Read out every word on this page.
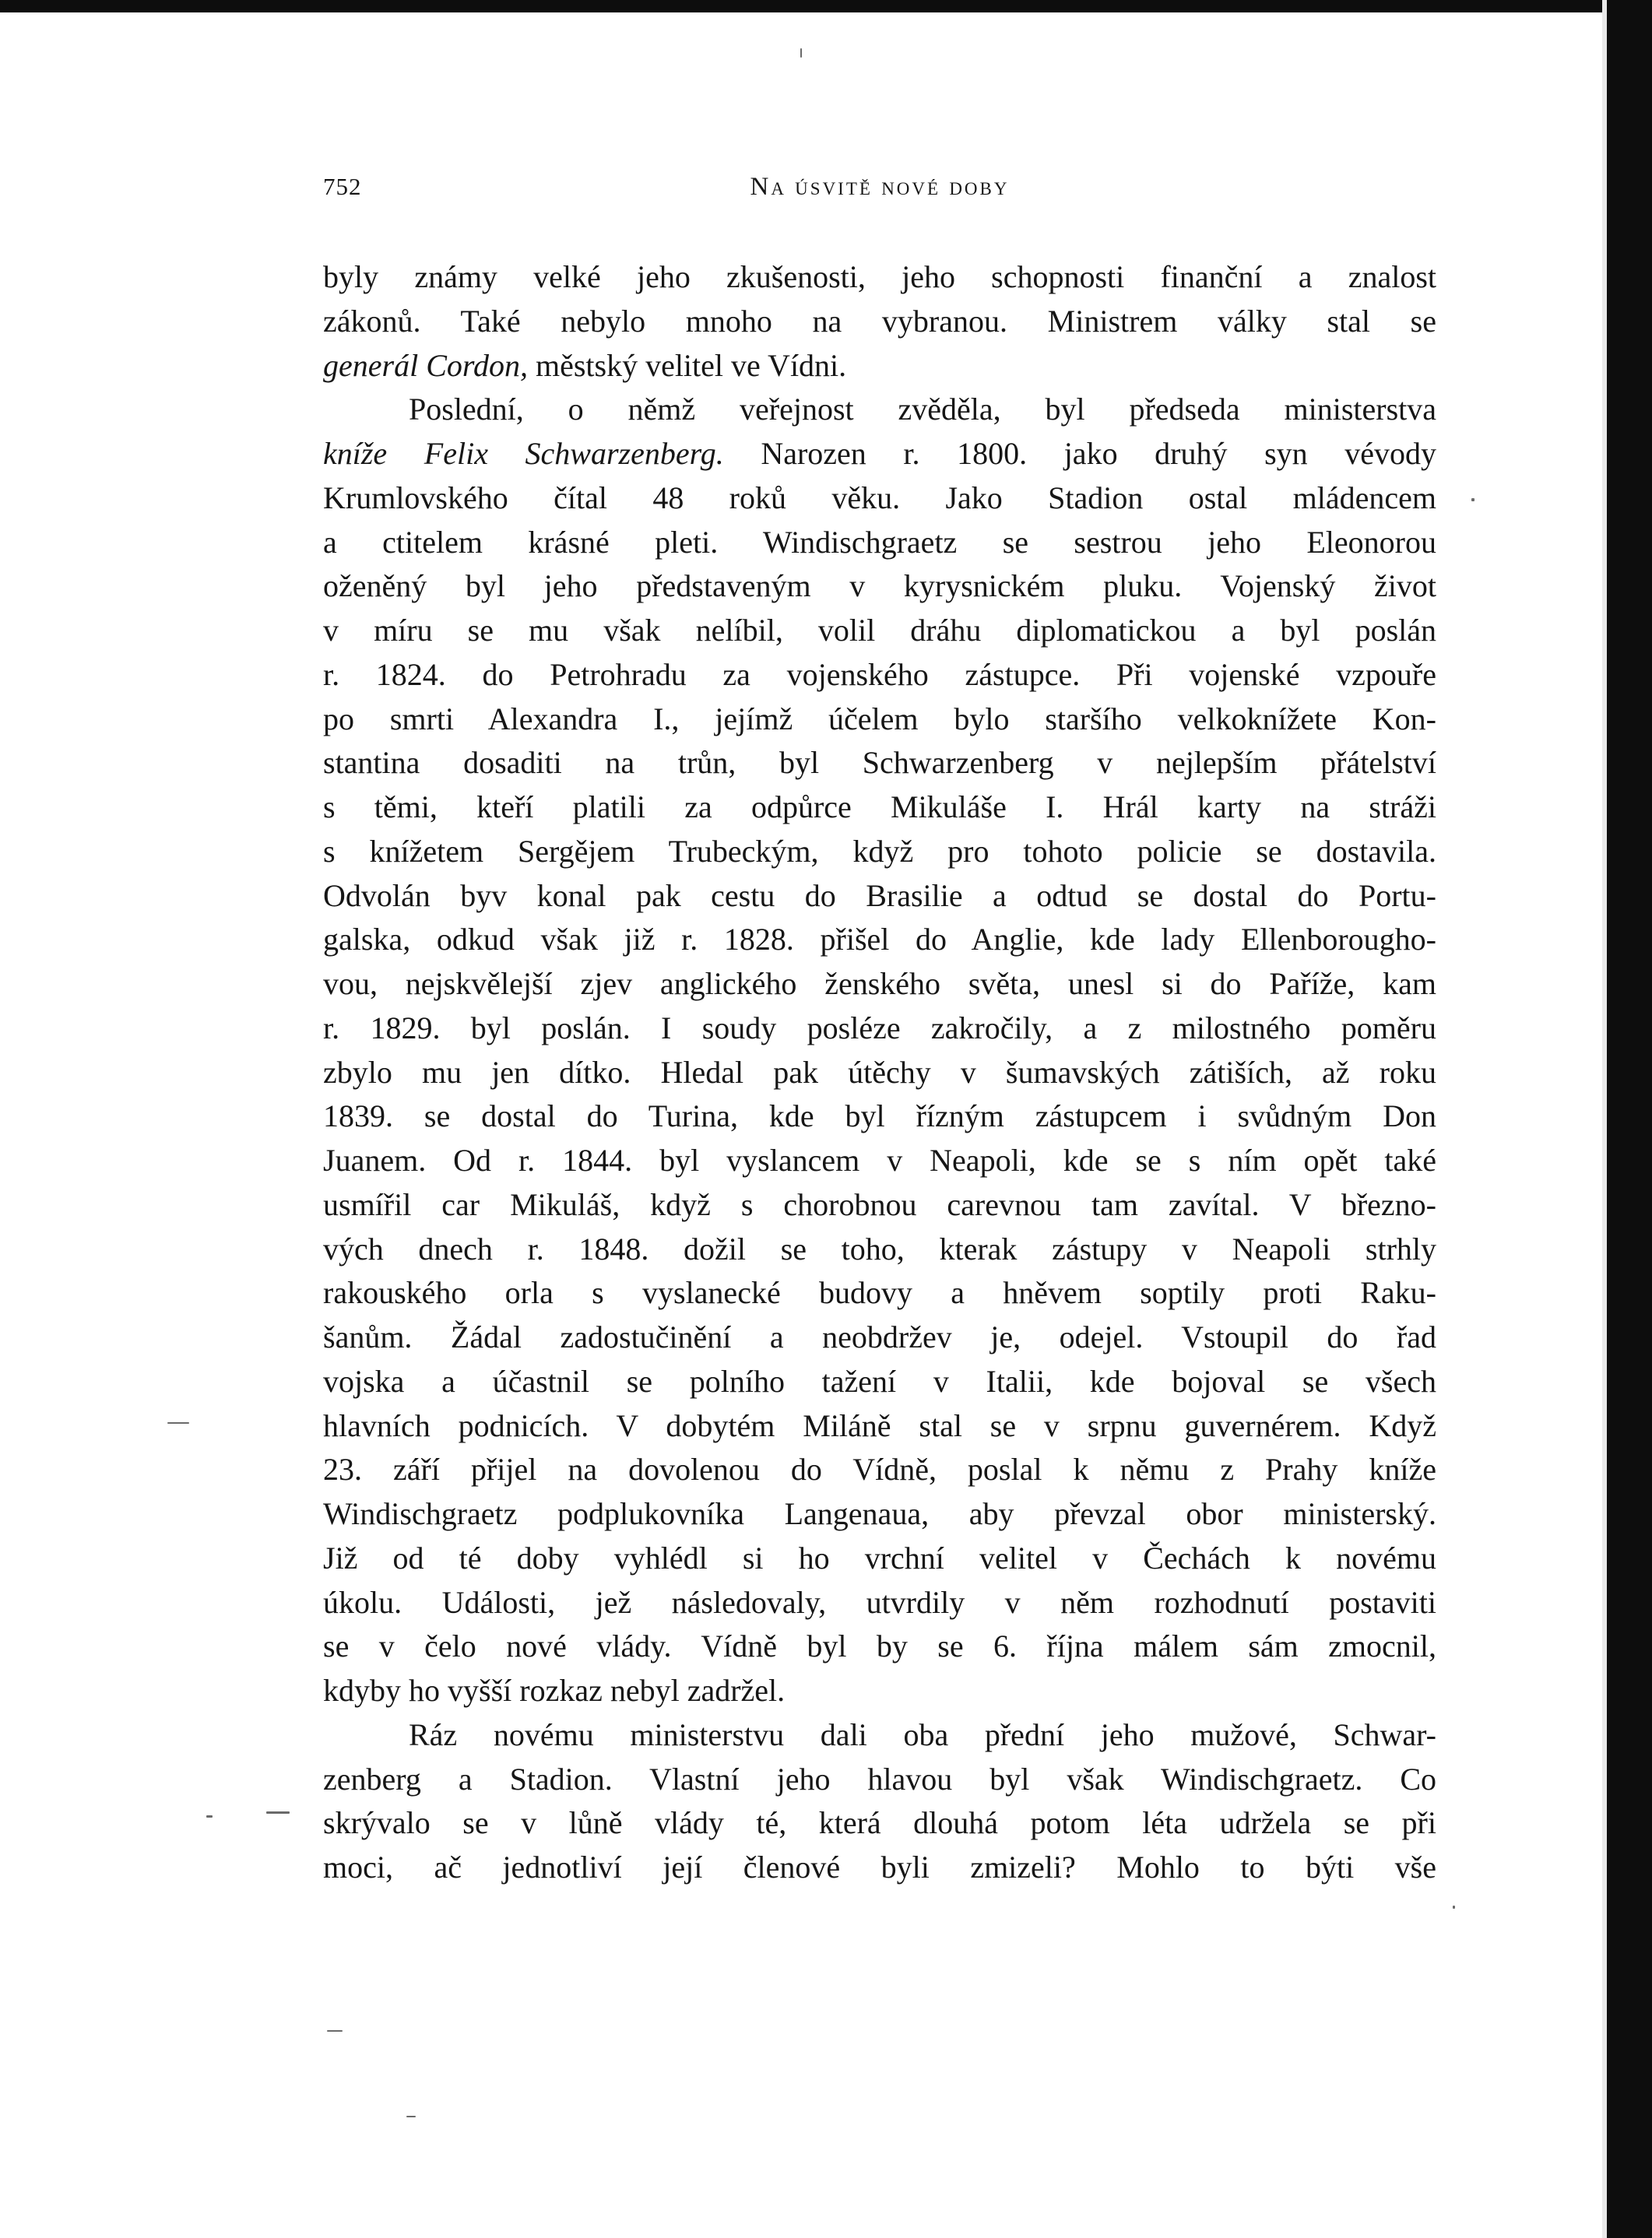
752	Na úsvitě nové doby
byly známy velké jeho zkušenosti, jeho schopnosti finanční a znalost
zákonů. Také nebylo mnoho na vybranou. Ministrem války stal se
generál Cordon, městský velitel ve Vídni.
Poslední, o němž veřejnost zvěděla, byl předseda ministerstva
kníže Felix Schwarzenberg. Narozen r. 1800. jako druhý syn vévody
Krumlovského čítal 48 roků věku. Jako Stadion ostal mládencem
a ctitelem krásné pleti. Windischgraetz se sestrou jeho Eleonorou
oženěný byl jeho představeným v kyrysnickém pluku. Vojenský život
v míru se mu však nelíbil, volil dráhu diplomatickou a byl poslán
r. 1824. do Petrohradu za vojenského zástupce. Při vojenské vzpouře
po smrti Alexandra I., jejímž účelem bylo staršího velkoknížete Kon-
stantina dosaditi na trůn, byl Schwarzenberg v nejlepším přátelství
s těmi, kteří platili za odpůrce Mikuláše I. Hrál karty na stráži
s knížetem Sergějem Trubeckým, když pro tohoto policie se dostavila.
Odvolán byv konal pak cestu do Brasilie a odtud se dostal do Portu-
galska, odkud však již r. 1828. přišel do Anglie, kde lady Ellenboroughо-
vou, nejskvělejší zjev anglického ženského světa, unesl si do Paříže, kam
r. 1829. byl poslán. I soudy posléze zakročily, a z milostného poměru
zbylo mu jen dítko. Hledal pak útěchy v šumavských zátiších, až roku
1839. se dostal do Turina, kde byl řízným zástupcem i svůdným Don
Juanem. Od r. 1844. byl vyslancem v Neapoli, kde se s ním opět také
usmířil car Mikuláš, když s chorobnou carevnou tam zavítal. V březno-
vých dnech r. 1848. dožil se toho, kterak zástupy v Neapoli strhly
rakouského orla s vyslanecké budovy a hněvem soptily proti Raku-
šanům. Žádal zadostučinění a neobdržev je, odejel. Vstoupil do řad
vojska a účastnil se polního tažení v Italii, kde bojoval se všech
hlavních podnicích. V dobytém Miláně stal se v srpnu guvernérem. Když
23. září přijel na dovolenou do Vídně, poslal k němu z Prahy kníže
Windischgraetz podplukovníka Langenaua, aby převzal obor ministerský.
Již od té doby vyhlédl si ho vrchní velitel v Čechách k novému
úkolu. Události, jež následovaly, utvrdily v něm rozhodnutí postaviti
se v čelo nové vlády. Vídně byl by se 6. října málem sám zmocnil,
kdyby ho vyšší rozkaz nebyl zadržel.
Ráz novému ministerstvu dali oba přední jeho mužové, Schwar-
zenberg a Stadion. Vlastní jeho hlavou byl však Windischgraetz. Co
skrývalo se v lůně vlády té, která dlouhá potom léta udržela se při
moci, ač jednotliví její členové byli zmizeli? Mohlo to býti vše
